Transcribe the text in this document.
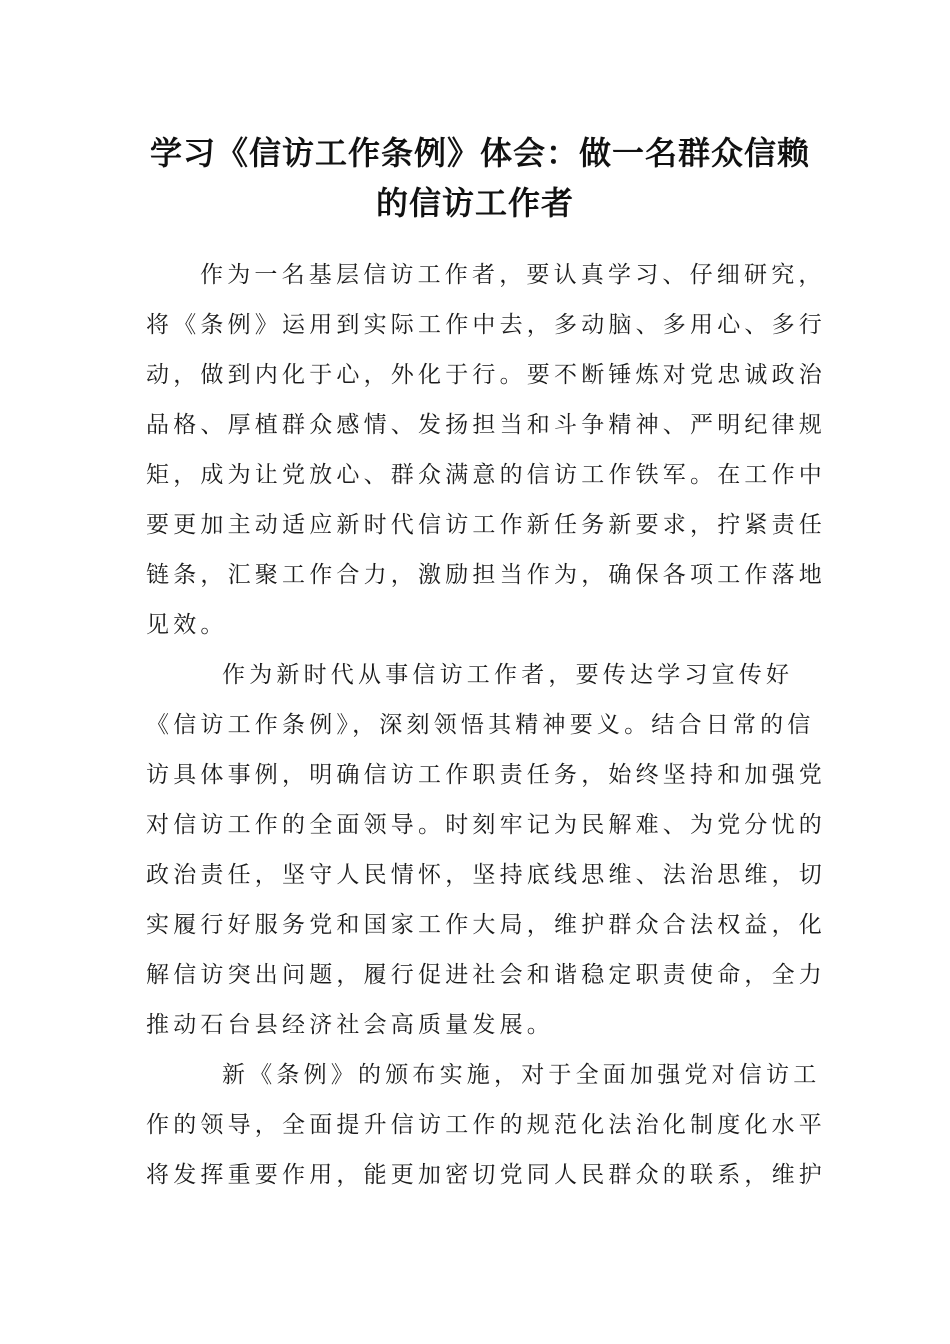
学习《信访工作条例》体会：做一名群众信赖
的信访工作者
作为一名基层信访工作者，要认真学习、仔细研究，
将《条例》运用到实际工作中去，多动脑、多用心、多行
动，做到内化于心，外化于行。要不断锤炼对党忠诚政治
品格、厚植群众感情、发扬担当和斗争精神、严明纪律规
矩，成为让党放心、群众满意的信访工作铁军。在工作中
要更加主动适应新时代信访工作新任务新要求，拧紧责任
链条，汇聚工作合力，激励担当作为，确保各项工作落地
见效。
作为新时代从事信访工作者，要传达学习宣传好
《信访工作条例》，深刻领悟其精神要义。结合日常的信
访具体事例，明确信访工作职责任务，始终坚持和加强党
对信访工作的全面领导。时刻牢记为民解难、为党分忧的
政治责任，坚守人民情怀，坚持底线思维、法治思维，切
实履行好服务党和国家工作大局，维护群众合法权益，化
解信访突出问题，履行促进社会和谐稳定职责使命，全力
推动石台县经济社会高质量发展。
新《条例》的颁布实施，对于全面加强党对信访工
作的领导，全面提升信访工作的规范化法治化制度化水平
将发挥重要作用，能更加密切党同人民群众的联系，维护
